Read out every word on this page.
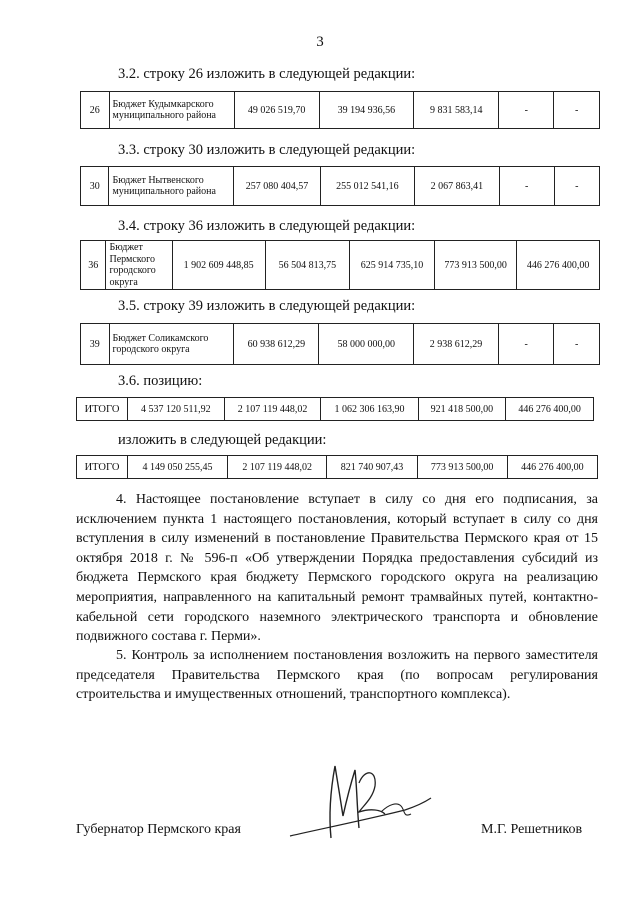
3
3.2. строку 26 изложить в следующей редакции:
26	Бюджет Кудымкарского муниципального района	49 026 519,70	39 194 936,56	9 831 583,14	-	-
3.3. строку 30 изложить в следующей редакции:
30	Бюджет Нытвенского муниципального района	257 080 404,57	255 012 541,16	2 067 863,41	-	-
3.4. строку 36 изложить в следующей редакции:
36	Бюджет Пермского городского округа	1 902 609 448,85	56 504 813,75	625 914 735,10	773 913 500,00	446 276 400,00
3.5. строку 39 изложить в следующей редакции:
39	Бюджет Соликамского городского округа	60 938 612,29	58 000 000,00	2 938 612,29	-	-
3.6. позицию:
ИТОГО	4 537 120 511,92	2 107 119 448,02	1 062 306 163,90	921 418 500,00	446 276 400,00
изложить в следующей редакции:
ИТОГО	4 149 050 255,45	2 107 119 448,02	821 740 907,43	773 913 500,00	446 276 400,00
4. Настоящее постановление вступает в силу со дня его подписания, за исключением пункта 1 настоящего постановления, который вступает в силу со дня вступления в силу изменений в постановление Правительства Пермского края от 15 октября 2018 г. № 596-п «Об утверждении Порядка предоставления субсидий из бюджета Пермского края бюджету Пермского городского округа на реализацию мероприятия, направленного на капитальный ремонт трамвайных путей, контактно-кабельной сети городского наземного электрического транспорта и обновление подвижного состава г. Перми».
5. Контроль за исполнением постановления возложить на первого заместителя председателя Правительства Пермского края (по вопросам регулирования строительства и имущественных отношений, транспортного комплекса).
Губернатор Пермского края	М.Г. Решетников
